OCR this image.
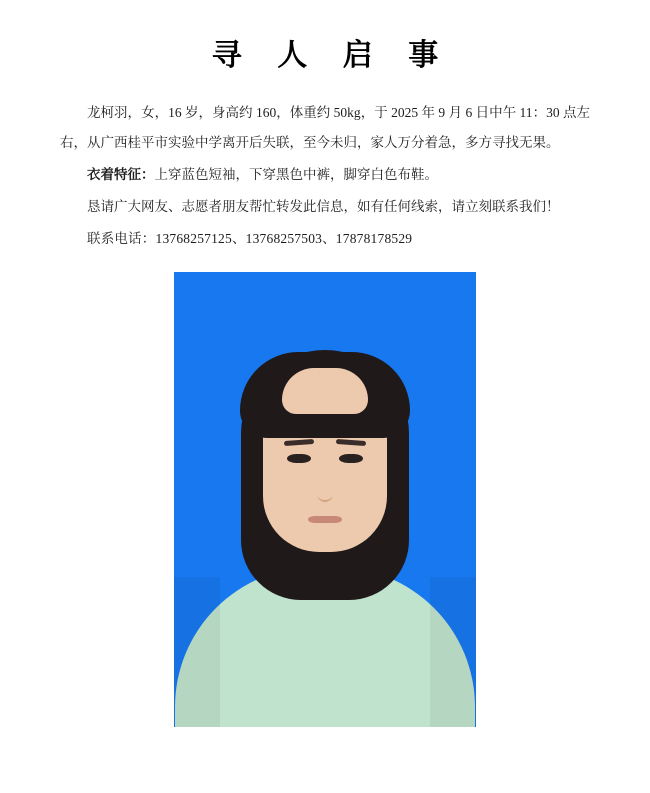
寻 人 启 事

龙柯羽，女，16 岁，身高约 160，体重约 50kg，于 2025 年 9 月 6 日中午 11：30 点左右，从广西桂平市实验中学离开后失联，至今未归，家人万分着急，多方寻找无果。

衣着特征：上穿蓝色短袖，下穿黑色中裤，脚穿白色布鞋。

恳请广大网友、志愿者朋友帮忙转发此信息，如有任何线索，请立刻联系我们！

联系电话：13768257125、13768257503、17878178529
